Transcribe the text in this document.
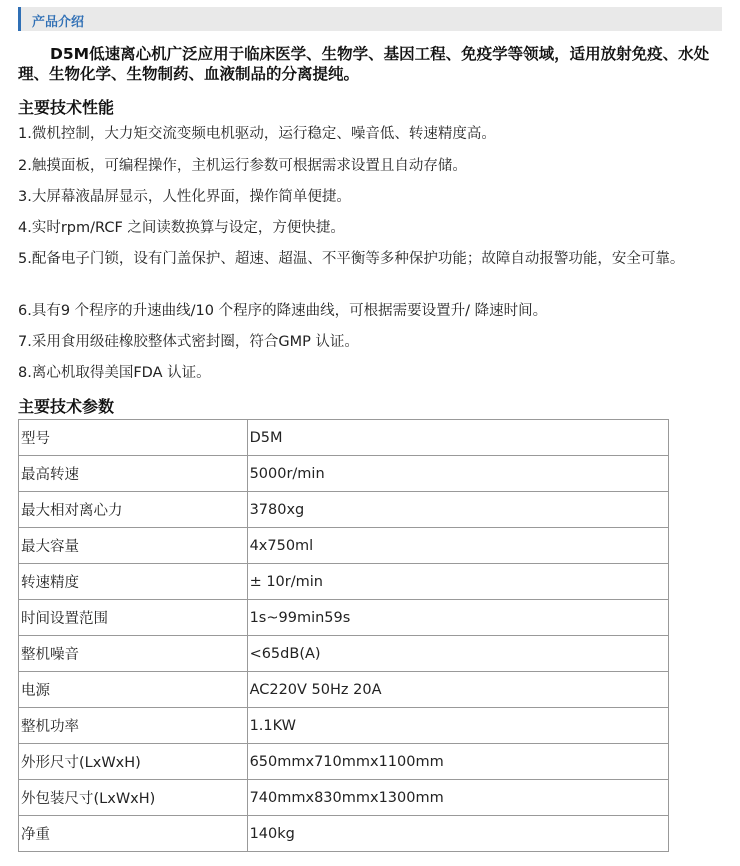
产品介绍
D5M低速离心机广泛应用于临床医学、生物学、基因工程、免疫学等领域，适用放射免疫、水处理、生物化学、生物制药、血液制品的分离提纯。
主要技术性能
1.微机控制，大力矩交流变频电机驱动，运行稳定、噪音低、转速精度高。
2.触摸面板，可编程操作，主机运行参数可根据需求设置且自动存储。
3.大屏幕液晶屏显示，人性化界面，操作简单便捷。
4.实时rpm/RCF 之间读数换算与设定，方便快捷。
5.配备电子门锁，设有门盖保护、超速、超温、不平衡等多种保护功能；故障自动报警功能，安全可靠。
6.具有9 个程序的升速曲线/10 个程序的降速曲线，可根据需要设置升/ 降速时间。
7.采用食用级硅橡胶整体式密封圈，符合GMP 认证。
8.离心机取得美国FDA 认证。
主要技术参数
型号	D5M
最高转速	5000r/min
最大相对离心力	3780xg
最大容量	4x750ml
转速精度	± 10r/min
时间设置范围	1s~99min59s
整机噪音	<65dB(A)
电源	AC220V 50Hz 20A
整机功率	1.1KW
外形尺寸(LxWxH)	650mmx710mmx1100mm
外包装尺寸(LxWxH)	740mmx830mmx1300mm
净重	140kg
